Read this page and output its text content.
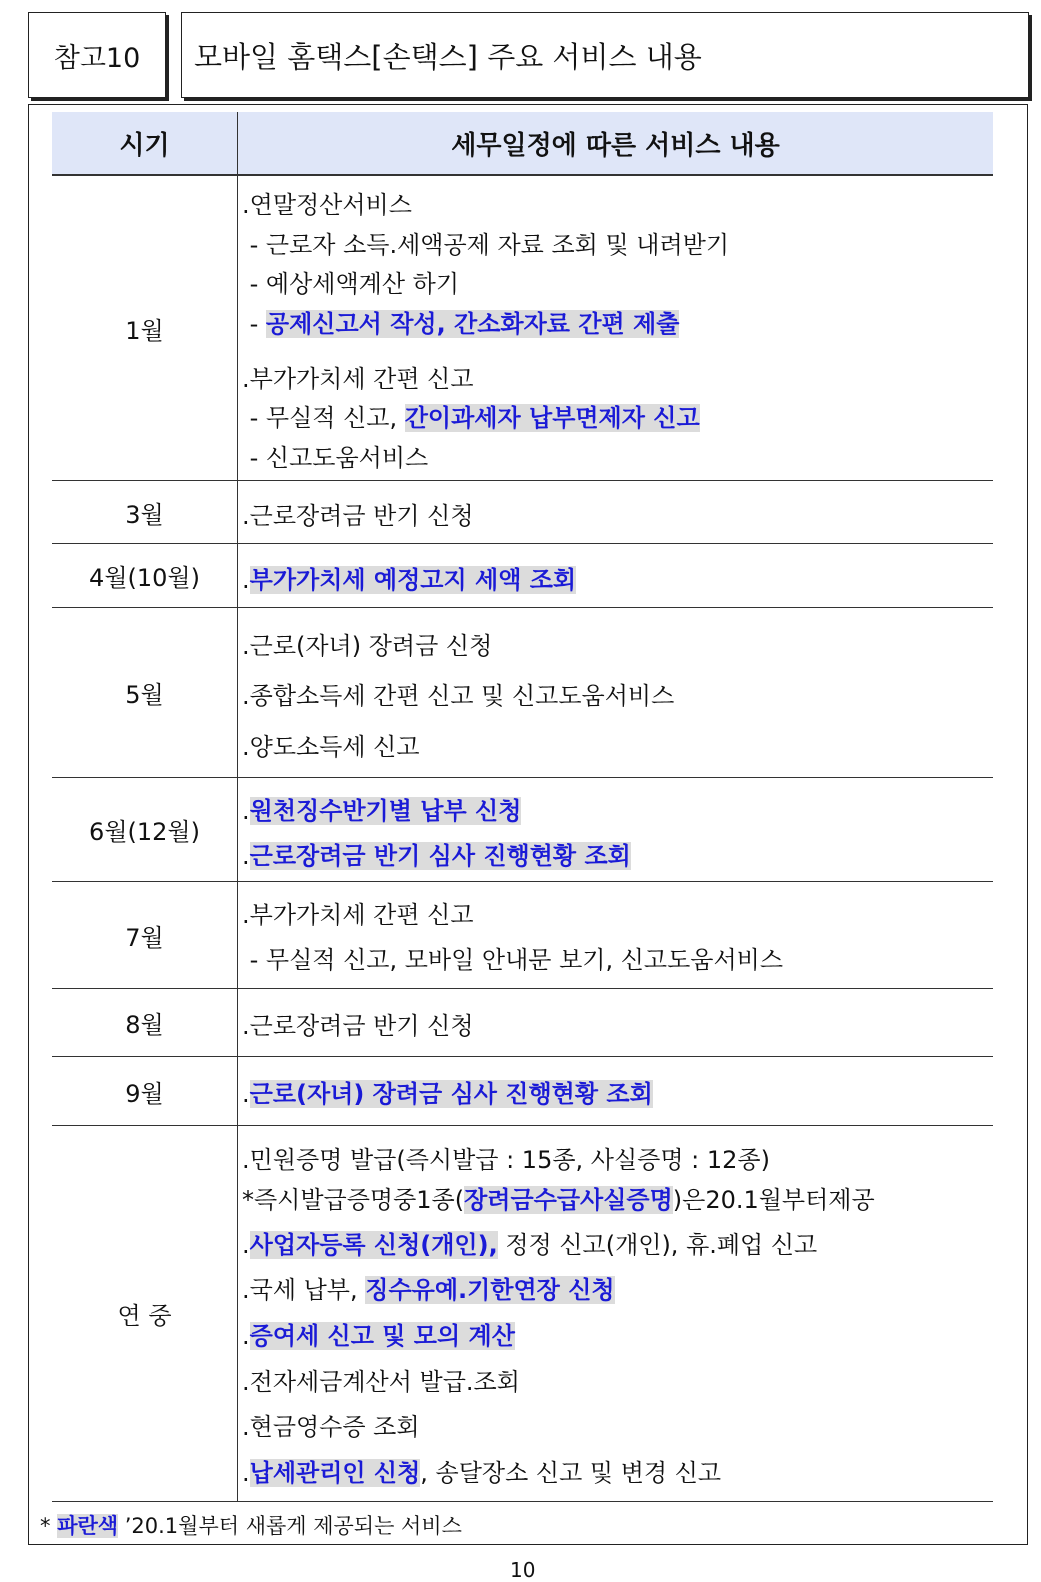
참고10 모바일 홈택스[손택스] 주요 서비스 내용
시기	세무일정에 따른 서비스 내용
1월
.연말정산서비스
- 근로자 소득.세액공제 자료 조회 및 내려받기
- 예상세액계산 하기
- 공제신고서 작성, 간소화자료 간편 제출
.부가가치세 간편 신고
- 무실적 신고, 간이과세자 납부면제자 신고
- 신고도움서비스
3월	.근로장려금 반기 신청
4월(10월)	.부가가치세 예정고지 세액 조회
5월
.근로(자녀) 장려금 신청
.종합소득세 간편 신고 및 신고도움서비스
.양도소득세 신고
6월(12월)
.원천징수반기별 납부 신청
.근로장려금 반기 심사 진행현황 조회
7월
.부가가치세 간편 신고
- 무실적 신고, 모바일 안내문 보기, 신고도움서비스
8월	.근로장려금 반기 신청
9월	.근로(자녀) 장려금 심사 진행현황 조회
연 중
.민원증명 발급(즉시발급 : 15종, 사실증명 : 12종)
*즉시발급증명중1종(장려금수급사실증명)은20.1월부터제공
.사업자등록 신청(개인), 정정 신고(개인), 휴.폐업 신고
.국세 납부, 징수유예.기한연장 신청
.증여세 신고 및 모의 계산
.전자세금계산서 발급.조회
.현금영수증 조회
.납세관리인 신청, 송달장소 신고 및 변경 신고
* 파란색 ’20.1월부터 새롭게 제공되는 서비스
10
